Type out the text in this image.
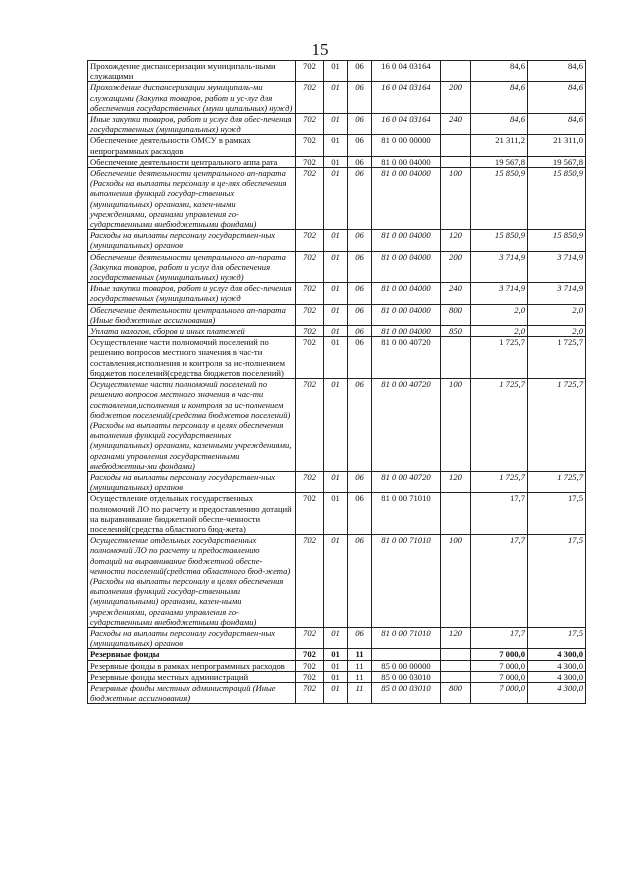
15
Прохождение диспансеризации муниципаль-ными служащими	702	01	06	16 0 04 03164		84,6	84,6
Прохождение диспансеризации муниципаль-ми служащими (Закупка товаров, работ и ус-луг для обеспечения государственных (муни ципальных) нужд)	702	01	06	16 0 04 03164	200	84,6	84,6
Иные закупки товаров, работ и услуг для обес-печения государственных (муниципальных) нужд	702	01	06	16 0 04 03164	240	84,6	84,6
Обеспечение деятельности ОМСУ в рамках непрограммных расходов	702	01	06	81 0 00 00000		21 311,2	21 311,0
Обеспечение деятельности центрального аппа рата	702	01	06	81 0 00 04000		19 567,8	19 567,8
Обеспечение деятельности центрального ап-парата (Расходы на выплаты персоналу в це-лях обеспечения выполнения функций государ-ственных (муниципальных) органами, казен-ными учреждениями, органами управления го-сударственными внебюджетными фондами)	702	01	06	81 0 00 04000	100	15 850,9	15 850,9
Расходы на выплаты персоналу государствен-ных (муниципальных) органов	702	01	06	81 0 00 04000	120	15 850,9	15 850,9
Обеспечение деятельности центрального ап-парата (Закупка товаров, работ и услуг для обеспечения государственных (муниципальных) нужд)	702	01	06	81 0 00 04000	200	3 714,9	3 714,9
Иные закупки товаров, работ и услуг для обес-печения государственных (муниципальных) нужд	702	01	06	81 0 00 04000	240	3 714,9	3 714,9
Обеспечение деятельности центрального ап-парата (Иные бюджетные ассигнования)	702	01	06	81 0 00 04000	800	2,0	2,0
Уплата налогов, сборов и иных платежей	702	01	06	81 0 00 04000	850	2,0	2,0
Осуществление части полномочий поселений по решению вопросов местного значения в час-ти составления,исполнения и контроля за ис-полнением бюджетов поселений(средства бюджетов поселений)	702	01	06	81 0 00 40720		1 725,7	1 725,7
Осуществление части полномочий поселений по решению вопросов местного значения в час-ти составления,исполнения и контроля за ис-полнением бюджетов поселений(средства бюджетов поселений) (Расходы на выплаты персоналу в целях обеспечения выполнения функций государственных (муниципальных) органами, казенными учреждениями, органами управления государственными внебюджетны-ми фондами)	702	01	06	81 0 00 40720	100	1 725,7	1 725,7
Расходы на выплаты персоналу государствен-ных (муниципальных) органов	702	01	06	81 0 00 40720	120	1 725,7	1 725,7
Осуществление отдельных государственных полномочий ЛО по расчету и предоставлению дотаций на выравнивание бюджетной обеспе-ченности поселений(средства областного бюд-жета)	702	01	06	81 0 00 71010		17,7	17,5
Осуществление отдельных государственных полномочий ЛО по расчету и предоставлению дотаций на выравнивание бюджетной обеспе-ченности поселений(средства областного бюд-жета) (Расходы на выплаты персоналу в целях обеспечения выполнения функций государ-ственными (муниципальными) органами, казен-ными учреждениями, органами управления го-сударственными внебюджетными фондами)	702	01	06	81 0 00 71010	100	17,7	17,5
Расходы на выплаты персоналу государствен-ных (муниципальных) органов	702	01	06	81 0 00 71010	120	17,7	17,5
Резервные фонды	702	01	11			7 000,0	4 300,0
Резервные фонды в рамках непрограммных расходов	702	01	11	85 0 00 00000		7 000,0	4 300,0
Резервные фонды местных администраций	702	01	11	85 0 00 03010		7 000,0	4 300,0
Резервные фонды местных администраций (Иные бюджетные ассигнования)	702	01	11	85 0 00 03010	800	7 000,0	4 300,0
